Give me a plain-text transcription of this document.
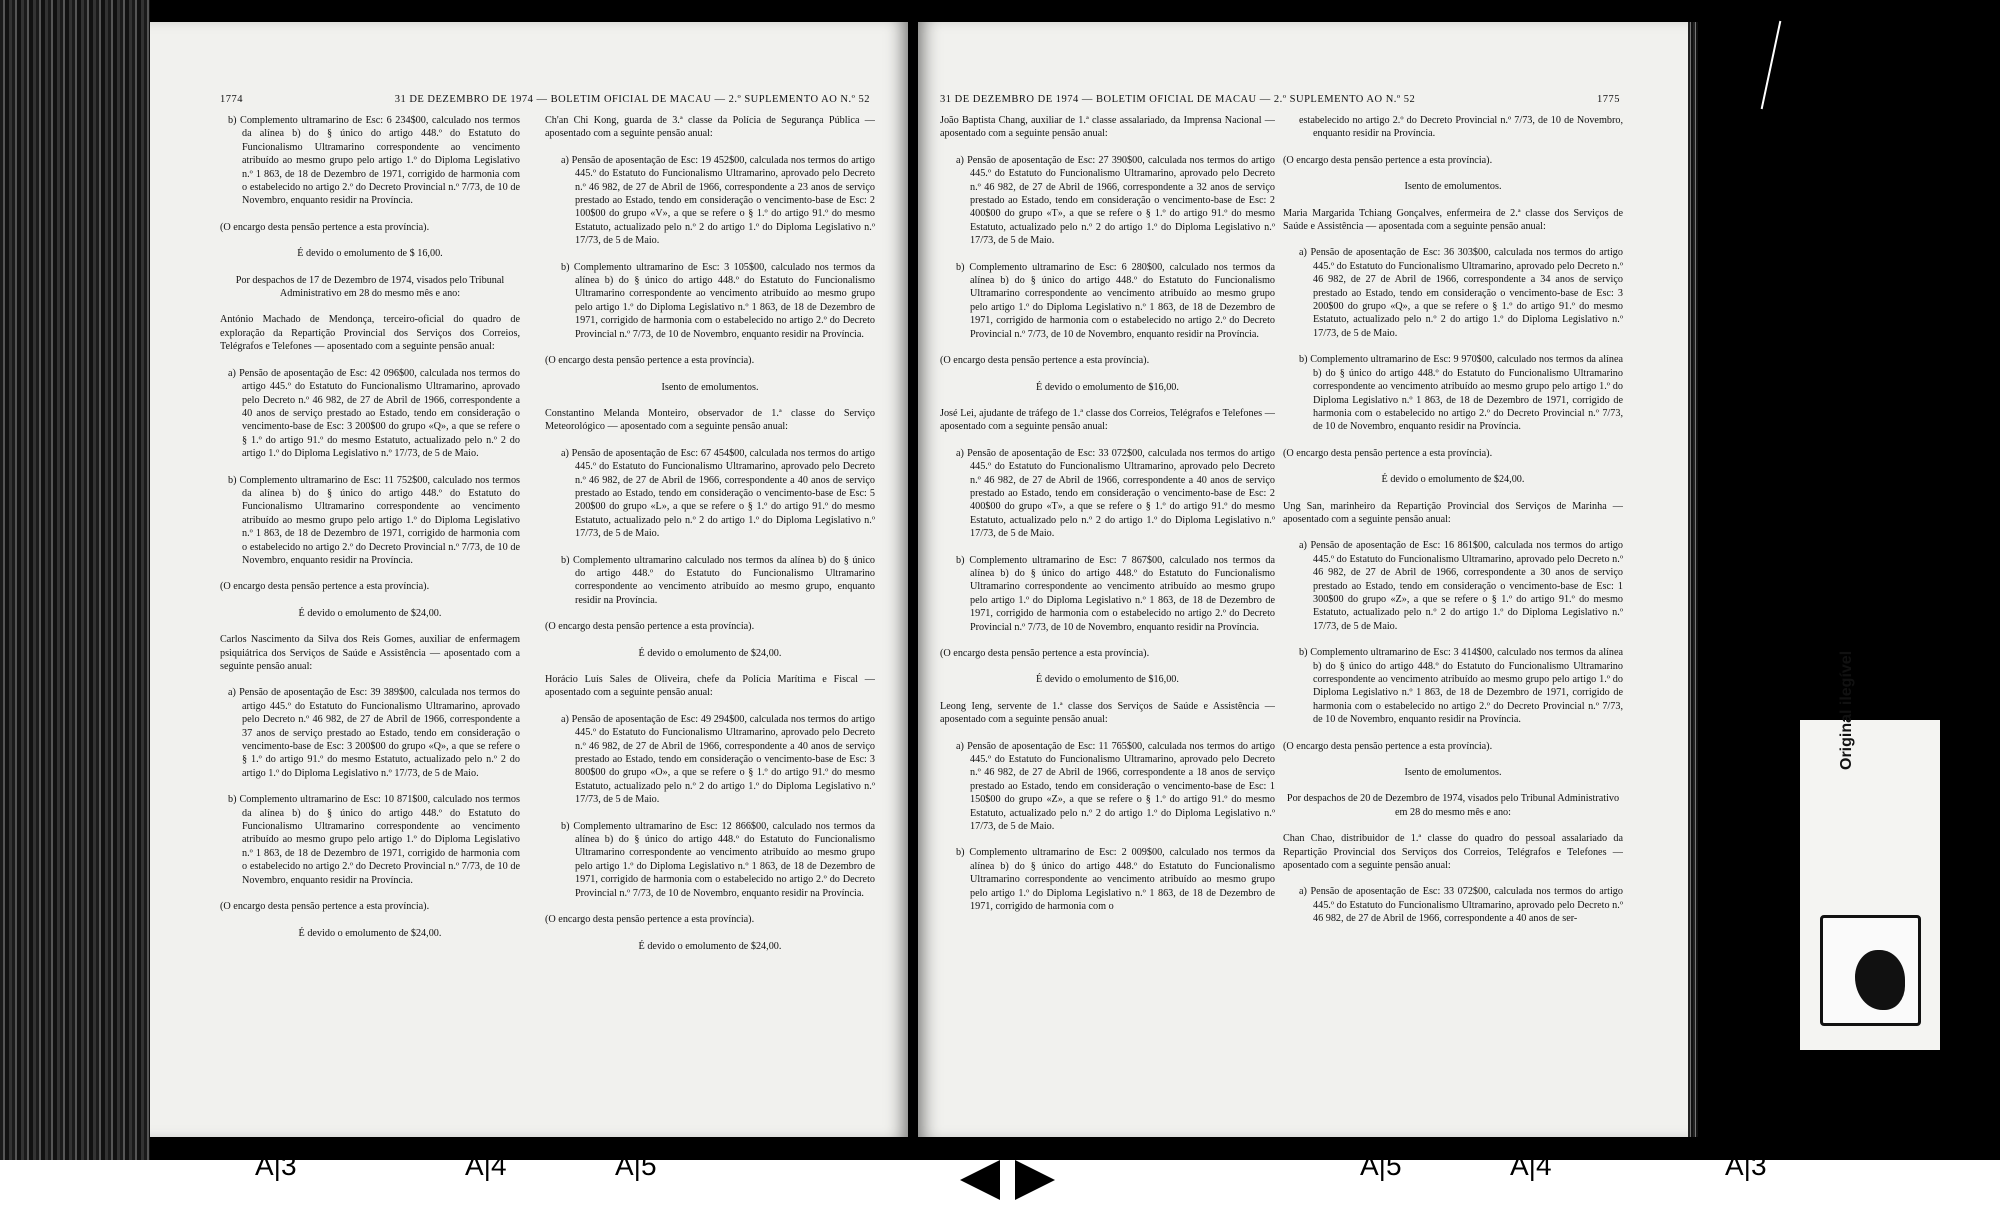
1774	31 DE DEZEMBRO DE 1974 — BOLETIM OFICIAL DE MACAU — 2.º SUPLEMENTO AO N.º 52

b) Complemento ultramarino de Esc: 6 234$00, calculado nos termos da alínea b) do § único do artigo 448.º do Estatuto do Funcionalismo Ultramarino correspondente ao vencimento atribuído ao mesmo grupo pelo artigo 1.º do Diploma Legislativo n.º 1 863, de 18 de Dezembro de 1971, corrigido de harmonia com o estabelecido no artigo 2.º do Decreto Provincial n.º 7/73, de 10 de Novembro, enquanto residir na Província.

(O encargo desta pensão pertence a esta província).

É devido o emolumento de $ 16,00.

Por despachos de 17 de Dezembro de 1974, visados pelo Tribunal Administrativo em 28 do mesmo mês e ano:

António Machado de Mendonça, terceiro-oficial do quadro de exploração da Repartição Provincial dos Serviços dos Correios, Telégrafos e Telefones — aposentado com a seguinte pensão anual:

a) Pensão de aposentação de Esc: 42 096$00, calculada nos termos do artigo 445.º do Estatuto do Funcionalismo Ultramarino, aprovado pelo Decreto n.º 46 982, de 27 de Abril de 1966, correspondente a 40 anos de serviço prestado ao Estado, tendo em consideração o vencimento-base de Esc: 3 200$00 do grupo «Q», a que se refere o § 1.º do artigo 91.º do mesmo Estatuto, actualizado pelo n.º 2 do artigo 1.º do Diploma Legislativo n.º 17/73, de 5 de Maio.

b) Complemento ultramarino de Esc: 11 752$00, calculado nos termos da alínea b) do § único do artigo 448.º do Estatuto do Funcionalismo Ultramarino correspondente ao vencimento atribuído ao mesmo grupo pelo artigo 1.º do Diploma Legislativo n.º 1 863, de 18 de Dezembro de 1971, corrigido de harmonia com o estabelecido no artigo 2.º do Decreto Provincial n.º 7/73, de 10 de Novembro, enquanto residir na Província.

(O encargo desta pensão pertence a esta província).

É devido o emolumento de $24,00.

Carlos Nascimento da Silva dos Reis Gomes, auxiliar de enfermagem psiquiátrica dos Serviços de Saúde e Assistência — aposentado com a seguinte pensão anual:

a) Pensão de aposentação de Esc: 39 389$00, calculada nos termos do artigo 445.º do Estatuto do Funcionalismo Ultramarino, aprovado pelo Decreto n.º 46 982, de 27 de Abril de 1966, correspondente a 37 anos de serviço prestado ao Estado, tendo em consideração o vencimento-base de Esc: 3 200$00 do grupo «Q», a que se refere o § 1.º do artigo 91.º do mesmo Estatuto, actualizado pelo n.º 2 do artigo 1.º do Diploma Legislativo n.º 17/73, de 5 de Maio.

b) Complemento ultramarino de Esc: 10 871$00, calculado nos termos da alínea b) do § único do artigo 448.º do Estatuto do Funcionalismo Ultramarino correspondente ao vencimento atribuído ao mesmo grupo pelo artigo 1.º do Diploma Legislativo n.º 1 863, de 18 de Dezembro de 1971, corrigido de harmonia com o estabelecido no artigo 2.º do Decreto Provincial n.º 7/73, de 10 de Novembro, enquanto residir na Província.

(O encargo desta pensão pertence a esta província).

É devido o emolumento de $24,00.

Ch'an Chi Kong, guarda de 3.ª classe da Polícia de Segurança Pública — aposentado com a seguinte pensão anual:

a) Pensão de aposentação de Esc: 19 452$00, calculada nos termos do artigo 445.º do Estatuto do Funcionalismo Ultramarino, aprovado pelo Decreto n.º 46 982, de 27 de Abril de 1966, correspondente a 23 anos de serviço prestado ao Estado, tendo em consideração o vencimento-base de Esc: 2 100$00 do grupo «V», a que se refere o § 1.º do artigo 91.º do mesmo Estatuto, actualizado pelo n.º 2 do artigo 1.º do Diploma Legislativo n.º 17/73, de 5 de Maio.

b) Complemento ultramarino de Esc: 3 105$00, calculado nos termos da alínea b) do § único do artigo 448.º do Estatuto do Funcionalismo Ultramarino correspondente ao vencimento atribuído ao mesmo grupo pelo artigo 1.º do Diploma Legislativo n.º 1 863, de 18 de Dezembro de 1971, corrigido de harmonia com o estabelecido no artigo 2.º do Decreto Provincial n.º 7/73, de 10 de Novembro, enquanto residir na Província.

(O encargo desta pensão pertence a esta província).

Isento de emolumentos.

Constantino Melanda Monteiro, observador de 1.ª classe do Serviço Meteorológico — aposentado com a seguinte pensão anual:

a) Pensão de aposentação de Esc: 67 454$00, calculada nos termos do artigo 445.º do Estatuto do Funcionalismo Ultramarino, aprovado pelo Decreto n.º 46 982, de 27 de Abril de 1966, correspondente a 40 anos de serviço prestado ao Estado, tendo em consideração o vencimento-base de Esc: 5 200$00 do grupo «L», a que se refere o § 1.º do artigo 91.º do mesmo Estatuto, actualizado pelo n.º 2 do artigo 1.º do Diploma Legislativo n.º 17/73, de 5 de Maio.

b) Complemento ultramarino calculado nos termos da alínea b) do § único do artigo 448.º do Estatuto do Funcionalismo Ultramarino correspondente ao vencimento atribuído ao mesmo grupo, enquanto residir na Província.

(O encargo desta pensão pertence a esta província).

É devido o emolumento de $24,00.

Horácio Luís Sales de Oliveira, chefe da Polícia Marítima e Fiscal — aposentado com a seguinte pensão anual:

a) Pensão de aposentação de Esc: 49 294$00, calculada nos termos do artigo 445.º do Estatuto do Funcionalismo Ultramarino, aprovado pelo Decreto n.º 46 982, de 27 de Abril de 1966, correspondente a 40 anos de serviço prestado ao Estado, tendo em consideração o vencimento-base de Esc: 3 800$00 do grupo «O», a que se refere o § 1.º do artigo 91.º do mesmo Estatuto, actualizado pelo n.º 2 do artigo 1.º do Diploma Legislativo n.º 17/73, de 5 de Maio.

b) Complemento ultramarino de Esc: 12 866$00, calculado nos termos da alínea b) do § único do artigo 448.º do Estatuto do Funcionalismo Ultramarino correspondente ao vencimento atribuído ao mesmo grupo pelo artigo 1.º do Diploma Legislativo n.º 1 863, de 18 de Dezembro de 1971, corrigido de harmonia com o estabelecido no artigo 2.º do Decreto Provincial n.º 7/73, de 10 de Novembro, enquanto residir na Província.

(O encargo desta pensão pertence a esta província).

É devido o emolumento de $24,00.

31 DE DEZEMBRO DE 1974 — BOLETIM OFICIAL DE MACAU — 2.º SUPLEMENTO AO N.º 52	1775

João Baptista Chang, auxiliar de 1.ª classe assalariado, da Imprensa Nacional — aposentado com a seguinte pensão anual:

a) Pensão de aposentação de Esc: 27 390$00, calculada nos termos do artigo 445.º do Estatuto do Funcionalismo Ultramarino, aprovado pelo Decreto n.º 46 982, de 27 de Abril de 1966, correspondente a 32 anos de serviço prestado ao Estado, tendo em consideração o vencimento-base de Esc: 2 400$00 do grupo «T», a que se refere o § 1.º do artigo 91.º do mesmo Estatuto, actualizado pelo n.º 2 do artigo 1.º do Diploma Legislativo n.º 17/73, de 5 de Maio.

b) Complemento ultramarino de Esc: 6 280$00, calculado nos termos da alínea b) do § único do artigo 448.º do Estatuto do Funcionalismo Ultramarino correspondente ao vencimento atribuído ao mesmo grupo pelo artigo 1.º do Diploma Legislativo n.º 1 863, de 18 de Dezembro de 1971, corrigido de harmonia com o estabelecido no artigo 2.º do Decreto Provincial n.º 7/73, de 10 de Novembro, enquanto residir na Província.

(O encargo desta pensão pertence a esta província).

É devido o emolumento de $16,00.

José Lei, ajudante de tráfego de 1.ª classe dos Correios, Telégrafos e Telefones — aposentado com a seguinte pensão anual:

a) Pensão de aposentação de Esc: 33 072$00, calculada nos termos do artigo 445.º do Estatuto do Funcionalismo Ultramarino, aprovado pelo Decreto n.º 46 982, de 27 de Abril de 1966, correspondente a 40 anos de serviço prestado ao Estado, tendo em consideração o vencimento-base de Esc: 2 400$00 do grupo «T», a que se refere o § 1.º do artigo 91.º do mesmo Estatuto, actualizado pelo n.º 2 do artigo 1.º do Diploma Legislativo n.º 17/73, de 5 de Maio.

b) Complemento ultramarino de Esc: 7 867$00, calculado nos termos da alínea b) do § único do artigo 448.º do Estatuto do Funcionalismo Ultramarino correspondente ao vencimento atribuído ao mesmo grupo pelo artigo 1.º do Diploma Legislativo n.º 1 863, de 18 de Dezembro de 1971, corrigido de harmonia com o estabelecido no artigo 2.º do Decreto Provincial n.º 7/73, de 10 de Novembro, enquanto residir na Província.

(O encargo desta pensão pertence a esta província).

É devido o emolumento de $16,00.

Leong Ieng, servente de 1.ª classe dos Serviços de Saúde e Assistência — aposentado com a seguinte pensão anual:

a) Pensão de aposentação de Esc: 11 765$00, calculada nos termos do artigo 445.º do Estatuto do Funcionalismo Ultramarino, aprovado pelo Decreto n.º 46 982, de 27 de Abril de 1966, correspondente a 18 anos de serviço prestado ao Estado, tendo em consideração o vencimento-base de Esc: 1 150$00 do grupo «Z», a que se refere o § 1.º do artigo 91.º do mesmo Estatuto, actualizado pelo n.º 2 do artigo 1.º do Diploma Legislativo n.º 17/73, de 5 de Maio.

b) Complemento ultramarino de Esc: 2 009$00, calculado nos termos da alínea b) do § único do artigo 448.º do Estatuto do Funcionalismo Ultramarino correspondente ao vencimento atribuído ao mesmo grupo pelo artigo 1.º do Diploma Legislativo n.º 1 863, de 18 de Dezembro de 1971, corrigido de harmonia com o

estabelecido no artigo 2.º do Decreto Provincial n.º 7/73, de 10 de Novembro, enquanto residir na Província.

(O encargo desta pensão pertence a esta província).

Isento de emolumentos.

Maria Margarida Tchiang Gonçalves, enfermeira de 2.ª classe dos Serviços de Saúde e Assistência — aposentada com a seguinte pensão anual:

a) Pensão de aposentação de Esc: 36 303$00, calculada nos termos do artigo 445.º do Estatuto do Funcionalismo Ultramarino, aprovado pelo Decreto n.º 46 982, de 27 de Abril de 1966, correspondente a 34 anos de serviço prestado ao Estado, tendo em consideração o vencimento-base de Esc: 3 200$00 do grupo «Q», a que se refere o § 1.º do artigo 91.º do mesmo Estatuto, actualizado pelo n.º 2 do artigo 1.º do Diploma Legislativo n.º 17/73, de 5 de Maio.

b) Complemento ultramarino de Esc: 9 970$00, calculado nos termos da alínea b) do § único do artigo 448.º do Estatuto do Funcionalismo Ultramarino correspondente ao vencimento atribuído ao mesmo grupo pelo artigo 1.º do Diploma Legislativo n.º 1 863, de 18 de Dezembro de 1971, corrigido de harmonia com o estabelecido no artigo 2.º do Decreto Provincial n.º 7/73, de 10 de Novembro, enquanto residir na Província.

(O encargo desta pensão pertence a esta província).

É devido o emolumento de $24,00.

Ung San, marinheiro da Repartição Provincial dos Serviços de Marinha — aposentado com a seguinte pensão anual:

a) Pensão de aposentação de Esc: 16 861$00, calculada nos termos do artigo 445.º do Estatuto do Funcionalismo Ultramarino, aprovado pelo Decreto n.º 46 982, de 27 de Abril de 1966, correspondente a 30 anos de serviço prestado ao Estado, tendo em consideração o vencimento-base de Esc: 1 300$00 do grupo «Z», a que se refere o § 1.º do artigo 91.º do mesmo Estatuto, actualizado pelo n.º 2 do artigo 1.º do Diploma Legislativo n.º 17/73, de 5 de Maio.

b) Complemento ultramarino de Esc: 3 414$00, calculado nos termos da alínea b) do § único do artigo 448.º do Estatuto do Funcionalismo Ultramarino correspondente ao vencimento atribuído ao mesmo grupo pelo artigo 1.º do Diploma Legislativo n.º 1 863, de 18 de Dezembro de 1971, corrigido de harmonia com o estabelecido no artigo 2.º do Decreto Provincial n.º 7/73, de 10 de Novembro, enquanto residir na Província.

(O encargo desta pensão pertence a esta província).

Isento de emolumentos.

Por despachos de 20 de Dezembro de 1974, visados pelo Tribunal Administrativo em 28 do mesmo mês e ano:

Chan Chao, distribuidor de 1.ª classe do quadro do pessoal assalariado da Repartição Provincial dos Serviços dos Correios, Telégrafos e Telefones — aposentado com a seguinte pensão anual:

a) Pensão de aposentação de Esc: 33 072$00, calculada nos termos do artigo 445.º do Estatuto do Funcionalismo Ultramarino, aprovado pelo Decreto n.º 46 982, de 27 de Abril de 1966, correspondente a 40 anos de ser-

Original ilegível
A|3	A|4	A|5	A|5	A|4	A|3
